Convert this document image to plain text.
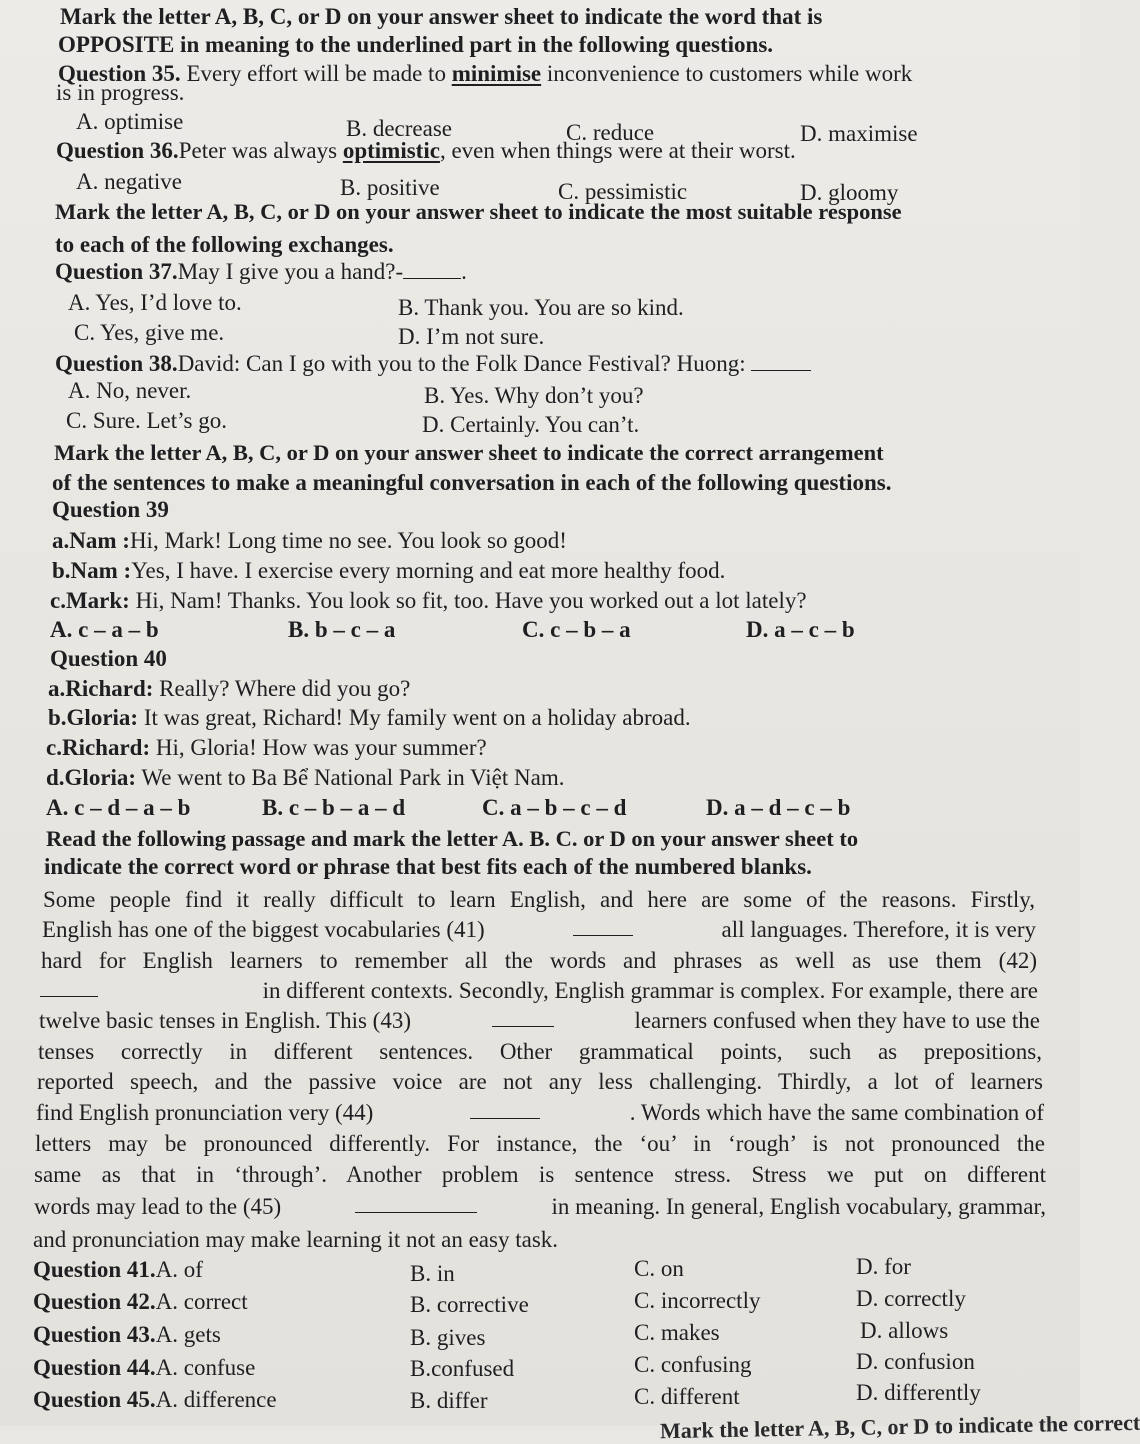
Mark the letter A, B, C, or D on your answer sheet to indicate the word that is
OPPOSITE in meaning to the underlined part in the following questions.
Question 35. Every effort will be made to minimise inconvenience to customers while work
is in progress.
A. optimise	B. decrease	C. reduce	D. maximise
Question 36.Peter was always optimistic, even when things were at their worst.
A. negative	B. positive	C. pessimistic	D. gloomy
Mark the letter A, B, C, or D on your answer sheet to indicate the most suitable response
to each of the following exchanges.
Question 37.May I give you a hand?-	.
A. Yes, I’d love to.	B. Thank you. You are so kind.
C. Yes, give me.	D. I’m not sure.
Question 38.David: Can I go with you to the Folk Dance Festival? Huong:
A. No, never.	B. Yes. Why don’t you?
C. Sure. Let’s go.	D. Certainly. You can’t.
Mark the letter A, B, C, or D on your answer sheet to indicate the correct arrangement
of the sentences to make a meaningful conversation in each of the following questions.
Question 39
a.Nam :Hi, Mark! Long time no see. You look so good!
b.Nam :Yes, I have. I exercise every morning and eat more healthy food.
c.Mark: Hi, Nam! Thanks. You look so fit, too. Have you worked out a lot lately?
A. c – a – b	B. b – c – a	C. c – b – a	D. a – c – b
Question 40
a.Richard: Really? Where did you go?
b.Gloria: It was great, Richard! My family went on a holiday abroad.
c.Richard: Hi, Gloria! How was your summer?
d.Gloria: We went to Ba Bể National Park in Việt Nam.
A. c – d – a – b	B. c – b – a – d	C. a – b – c – d	D. a – d – c – b
Read the following passage and mark the letter A. B. C. or D on your answer sheet to
indicate the correct word or phrase that best fits each of the numbered blanks.
Some people find it really difficult to learn English, and here are some of the reasons. Firstly,
English has one of the biggest vocabularies (41)	all languages. Therefore, it is very
hard for English learners to remember all the words and phrases as well as use them (42)
in different contexts. Secondly, English grammar is complex. For example, there are
twelve basic tenses in English. This (43)	learners confused when they have to use the
tenses correctly in different sentences. Other grammatical points, such as prepositions,
reported speech, and the passive voice are not any less challenging. Thirdly, a lot of learners
find English pronunciation very (44)	. Words which have the same combination of
letters may be pronounced differently. For instance, the ‘ou’ in ‘rough’ is not pronounced the
same as that in ‘through’. Another problem is sentence stress. Stress we put on different
words may lead to the (45)	in meaning. In general, English vocabulary, grammar,
and pronunciation may make learning it not an easy task.
Question 41.A. of	B. in	C. on	D. for
Question 42.A. correct	B. corrective	C. incorrectly	D. correctly
Question 43.A. gets	B. gives	C. makes	D. allows
Question 44.A. confuse	B.confused	C. confusing	D. confusion
Question 45.A. difference	B. differ	C. different	D. differently
Mark the letter A, B, C, or D to indicate the correct
